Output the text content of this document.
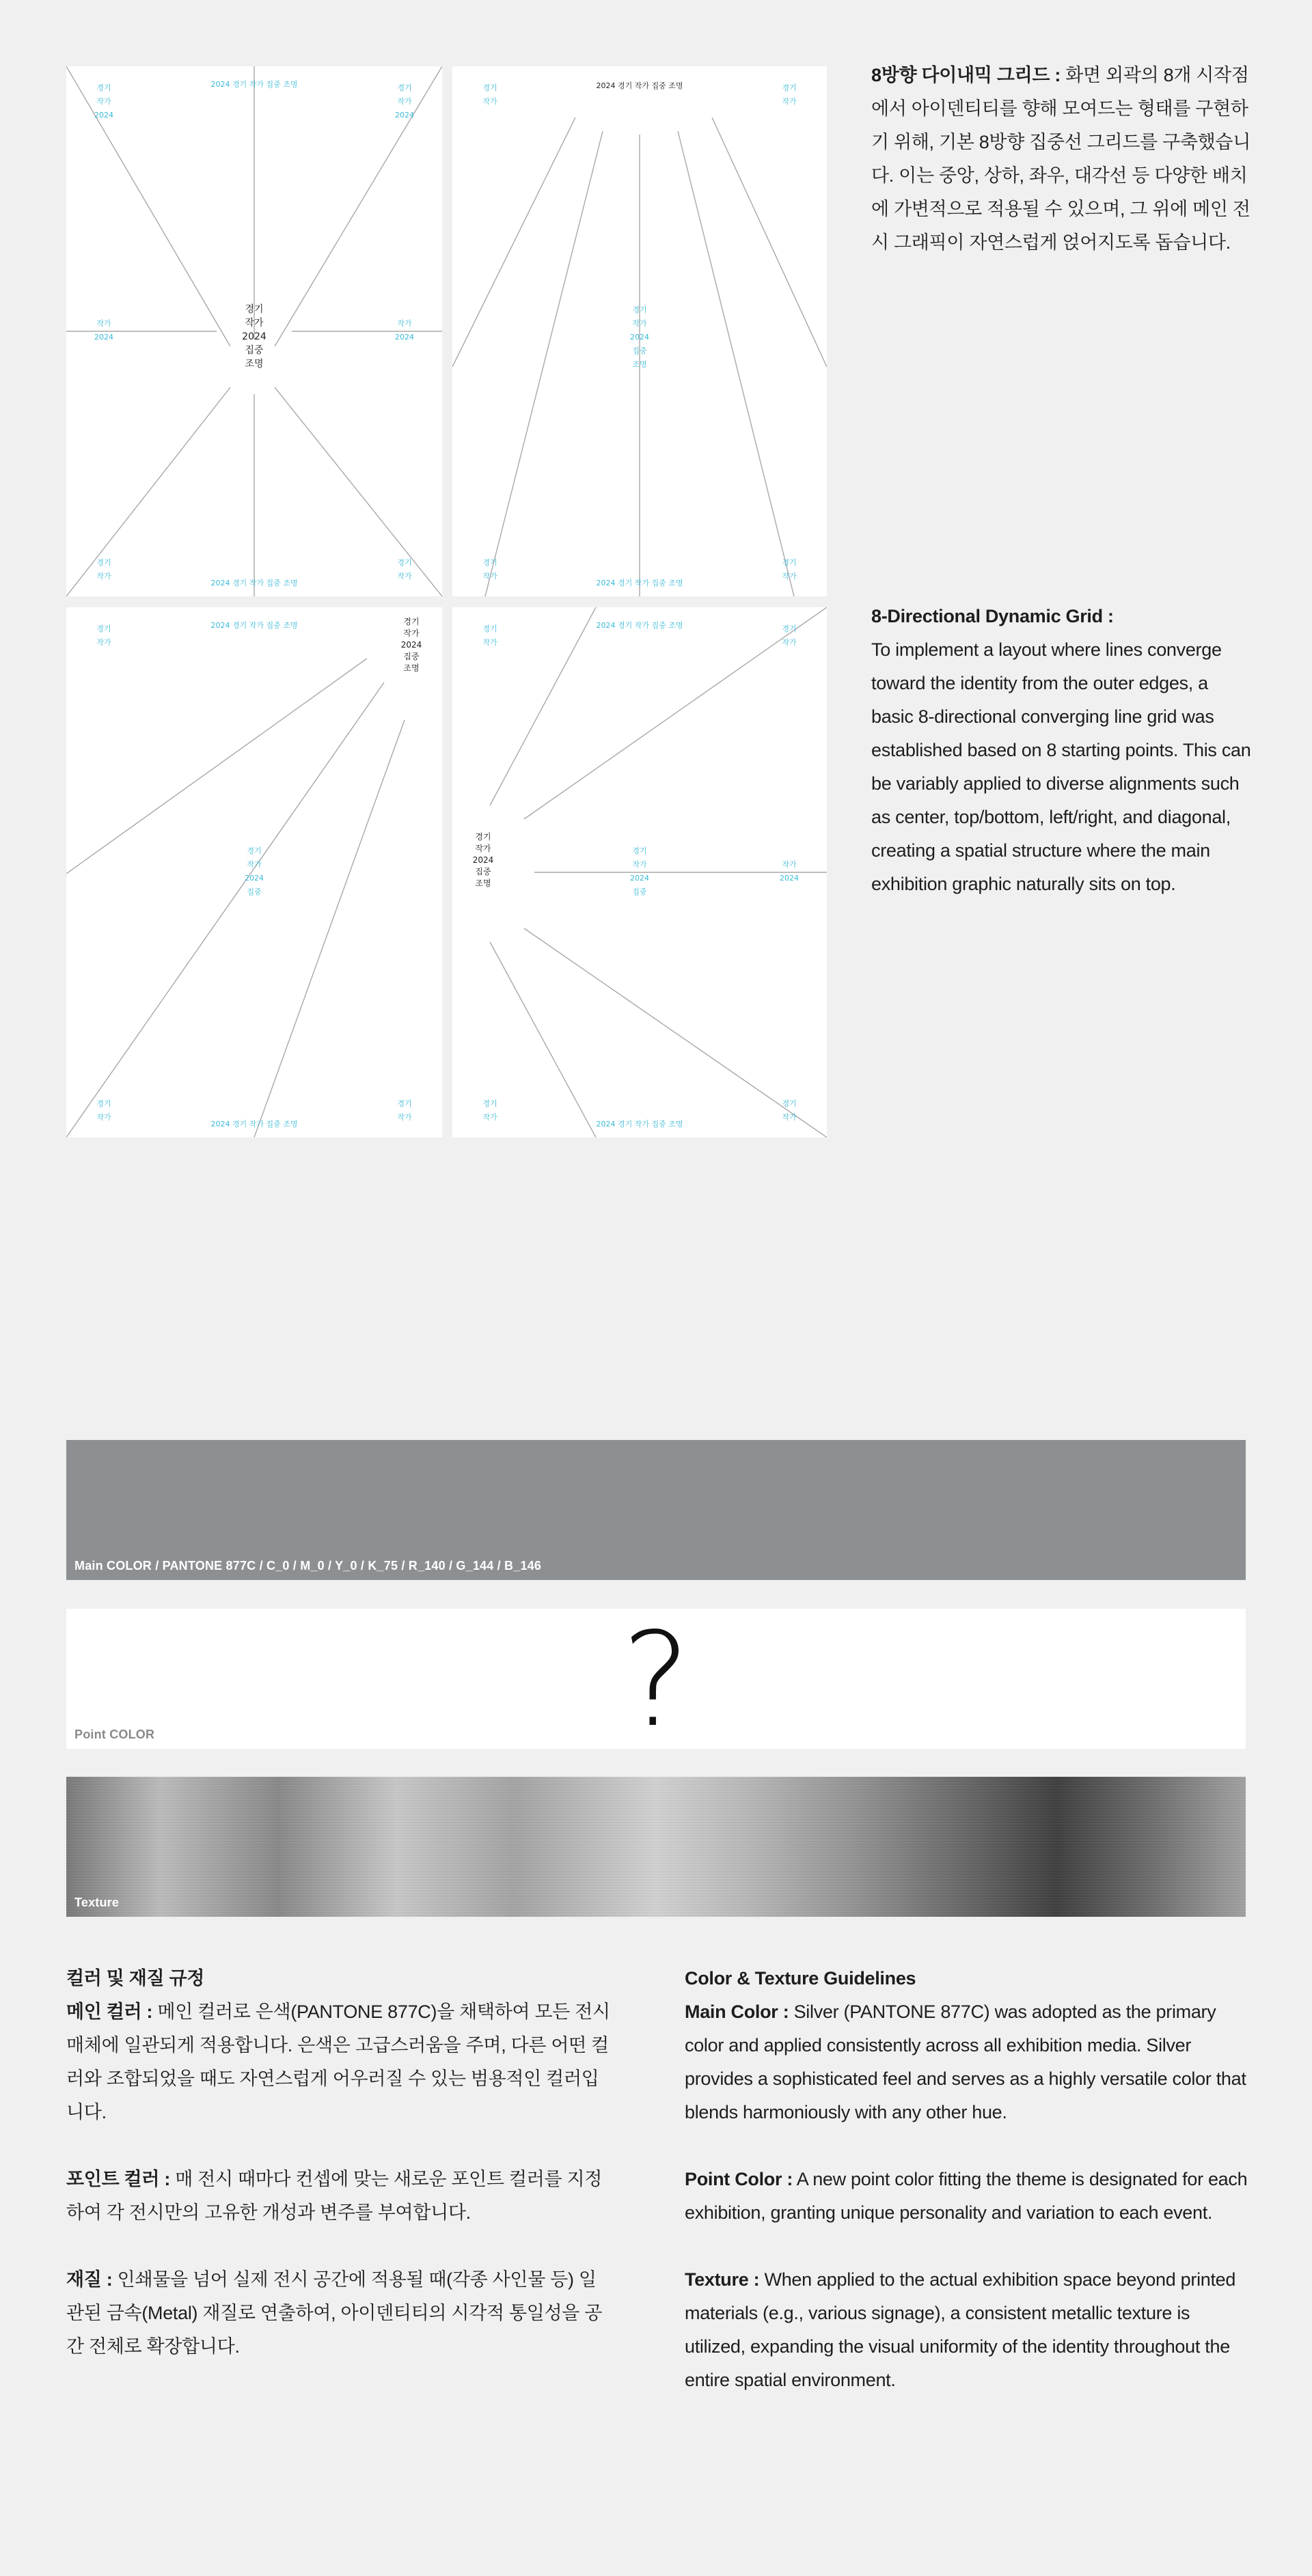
경기
작가
2024
경기
작가
2024
경기
작가
경기
작가
작가
2024
작가
2024
2024 경기 작가 집중 조명
2024 경기 작가 집중 조명
경기
작가
2024
집중
조명
경기
작가
경기
작가
경기
작가
2024
집중
조명
경기
작가
경기
작가
2024 경기 작가 집중 조명
2024 경기 작가 집중 조명
경기
작가
2024 경기 작가 집중 조명
경기
작가
2024
집중
경기
작가
경기
작가
2024 경기 작가 집중 조명
경기
작가
2024
집중
조명
경기
작가
경기
작가
2024 경기 작가 집중 조명
경기
작가
2024
집중
작가
2024
경기
작가
경기
작가
2024 경기 작가 집중 조명
경기
작가
2024
집중
조명
8방향 다이내믹 그리드 : 화면 외곽의 8개 시작점에서 아이덴티티를 향해 모여드는 형태를 구현하기 위해, 기본 8방향 집중선 그리드를 구축했습니다. 이는 중앙, 상하, 좌우, 대각선 등 다양한 배치에 가변적으로 적용될 수 있으며, 그 위에 메인 전시 그래픽이 자연스럽게 얹어지도록 돕습니다.
8-Directional Dynamic Grid :
To implement a layout where lines converge toward the identity from the outer edges, a basic 8-directional converging line grid was established based on 8 starting points. This can be variably applied to diverse alignments such as center, top/bottom, left/right, and diagonal, creating a spatial structure where the main exhibition graphic naturally sits on top.
Main COLOR / PANTONE 877C / C_0 / M_0 / Y_0 / K_75 / R_140 / G_144 / B_146
?
Point COLOR
Texture
컬러 및 재질 규정
메인 컬러 : 메인 컬러로 은색(PANTONE 877C)을 채택하여 모든 전시 매체에 일관되게 적용합니다. 은색은 고급스러움을 주며, 다른 어떤 컬러와 조합되었을 때도 자연스럽게 어우러질 수 있는 범용적인 컬러입니다.
포인트 컬러 : 매 전시 때마다 컨셉에 맞는 새로운 포인트 컬러를 지정하여 각 전시만의 고유한 개성과 변주를 부여합니다.
재질 : 인쇄물을 넘어 실제 전시 공간에 적용될 때(각종 사인물 등) 일관된 금속(Metal) 재질로 연출하여, 아이덴티티의 시각적 통일성을 공간 전체로 확장합니다.
Color & Texture Guidelines
Main Color : Silver (PANTONE 877C) was adopted as the primary color and applied consistently across all exhibition media. Silver provides a sophisticated feel and serves as a highly versatile color that blends harmoniously with any other hue.
Point Color : A new point color fitting the theme is designated for each exhibition, granting unique personality and variation to each event.
Texture : When applied to the actual exhibition space beyond printed materials (e.g., various signage), a consistent metallic texture is utilized, expanding the visual uniformity of the identity throughout the entire spatial environment.
